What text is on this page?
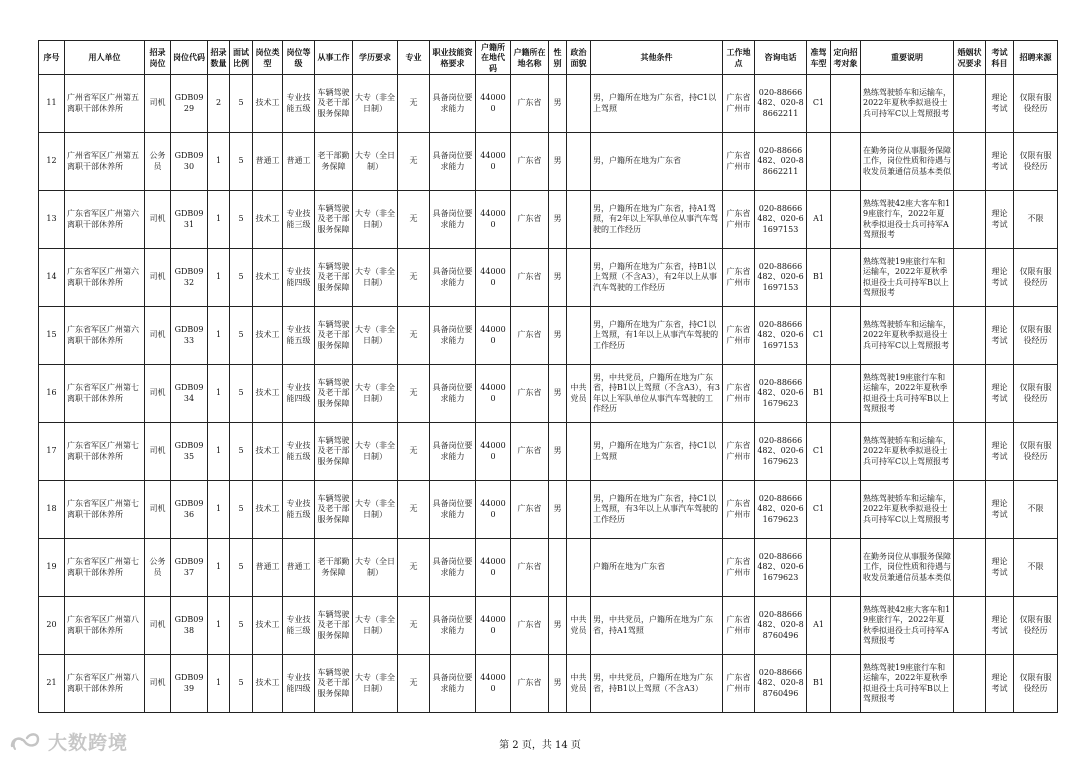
序号	用人单位	招录岗位	岗位代码	招录数量	面试比例	岗位类型	岗位等级	从事工作	学历要求	专业	职业技能资格要求	户籍所在地代码	户籍所在地名称	性别	政治面貌	其他条件	工作地点	咨询电话	准驾车型	定向招考对象	重要说明	婚姻状况要求	考试科目	招聘来源
11	广州省军区广州第五离职干部休养所	司机	GDB0929	2	5	技术工	专业技能五级	车辆驾驶及老干部服务保障	大专（非全日制）	无	具备岗位要求能力	440000	广东省	男		男，户籍所在地为广东省，持C1以上驾照	广东省广州市	020-88666482、020-88662211	C1		熟练驾驶轿车和运输车，2022年夏秋季拟退役士兵可持军C以上驾照报考		理论考试	仅限有服役经历
12	广州省军区广州第五离职干部休养所	公务员	GDB0930	1	5	普通工	普通工	老干部勤务保障	大专（全日制）	无	具备岗位要求能力	440000	广东省	男		男，户籍所在地为广东省	广东省广州市	020-88666482、020-88662211			在勤务岗位从事服务保障工作，岗位性质和待遇与收发员兼通信员基本类似		理论考试	仅限有服役经历
13	广东省军区广州第六离职干部休养所	司机	GDB0931	1	5	技术工	专业技能三级	车辆驾驶及老干部服务保障	大专（非全日制）	无	具备岗位要求能力	440000	广东省	男		男，户籍所在地为广东省，持A1驾照，有2年以上军队单位从事汽车驾驶的工作经历	广东省广州市	020-88666482、020-61697153	A1		熟练驾驶42座大客车和19座旅行车，2022年夏秋季拟退役士兵可持军A驾照报考		理论考试	不限
14	广东省军区广州第六离职干部休养所	司机	GDB0932	1	5	技术工	专业技能四级	车辆驾驶及老干部服务保障	大专（非全日制）	无	具备岗位要求能力	440000	广东省	男		男，户籍所在地为广东省，持B1以上驾照（不含A3），有2年以上从事汽车驾驶的工作经历	广东省广州市	020-88666482、020-61697153	B1		熟练驾驶19座旅行车和运输车，2022年夏秋季拟退役士兵可持军B以上驾照报考		理论考试	仅限有服役经历
15	广东省军区广州第六离职干部休养所	司机	GDB0933	1	5	技术工	专业技能五级	车辆驾驶及老干部服务保障	大专（非全日制）	无	具备岗位要求能力	440000	广东省	男		男，户籍所在地为广东省，持C1以上驾照，有1年以上从事汽车驾驶的工作经历	广东省广州市	020-88666482、020-61697153	C1		熟练驾驶轿车和运输车，2022年夏秋季拟退役士兵可持军C以上驾照报考		理论考试	仅限有服役经历
16	广东省军区广州第七离职干部休养所	司机	GDB0934	1	5	技术工	专业技能四级	车辆驾驶及老干部服务保障	大专（非全日制）	无	具备岗位要求能力	440000	广东省	男	中共党员	男，中共党员，户籍所在地为广东省，持B1以上驾照（不含A3），有3年以上军队单位从事汽车驾驶的工作经历	广东省广州市	020-88666482、020-61679623	B1		熟练驾驶19座旅行车和运输车，2022年夏秋季拟退役士兵可持军B以上驾照报考		理论考试	仅限有服役经历
17	广东省军区广州第七离职干部休养所	司机	GDB0935	1	5	技术工	专业技能五级	车辆驾驶及老干部服务保障	大专（非全日制）	无	具备岗位要求能力	440000	广东省	男		男，户籍所在地为广东省，持C1以上驾照	广东省广州市	020-88666482、020-61679623	C1		熟练驾驶轿车和运输车，2022年夏秋季拟退役士兵可持军C以上驾照报考		理论考试	仅限有服役经历
18	广东省军区广州第七离职干部休养所	司机	GDB0936	1	5	技术工	专业技能五级	车辆驾驶及老干部服务保障	大专（非全日制）	无	具备岗位要求能力	440000	广东省	男		男，户籍所在地为广东省，持C1以上驾照，有3年以上从事汽车驾驶的工作经历	广东省广州市	020-88666482、020-61679623	C1		熟练驾驶轿车和运输车，2022年夏秋季拟退役士兵可持军C以上驾照报考		理论考试	不限
19	广东省军区广州第七离职干部休养所	公务员	GDB0937	1	5	普通工	普通工	老干部勤务保障	大专（全日制）	无	具备岗位要求能力	440000	广东省			户籍所在地为广东省	广东省广州市	020-88666482、020-61679623			在勤务岗位从事服务保障工作，岗位性质和待遇与收发员兼通信员基本类似		理论考试	不限
20	广东省军区广州第八离职干部休养所	司机	GDB0938	1	5	技术工	专业技能三级	车辆驾驶及老干部服务保障	大专（非全日制）	无	具备岗位要求能力	440000	广东省	男	中共党员	男，中共党员，户籍所在地为广东省，持A1驾照	广东省广州市	020-88666482、020-88760496	A1		熟练驾驶42座大客车和19座旅行车，2022年夏秋季拟退役士兵可持军A驾照报考		理论考试	仅限有服役经历
21	广东省军区广州第八离职干部休养所	司机	GDB0939	1	5	技术工	专业技能四级	车辆驾驶及老干部服务保障	大专（非全日制）	无	具备岗位要求能力	440000	广东省	男	中共党员	男，中共党员，户籍所在地为广东省，持B1以上驾照（不含A3）	广东省广州市	020-88666482、020-88760496	B1		熟练驾驶19座旅行车和运输车，2022年夏秋季拟退役士兵可持军B以上驾照报考		理论考试	仅限有服役经历
第 2 页，共 14 页
大数跨境
